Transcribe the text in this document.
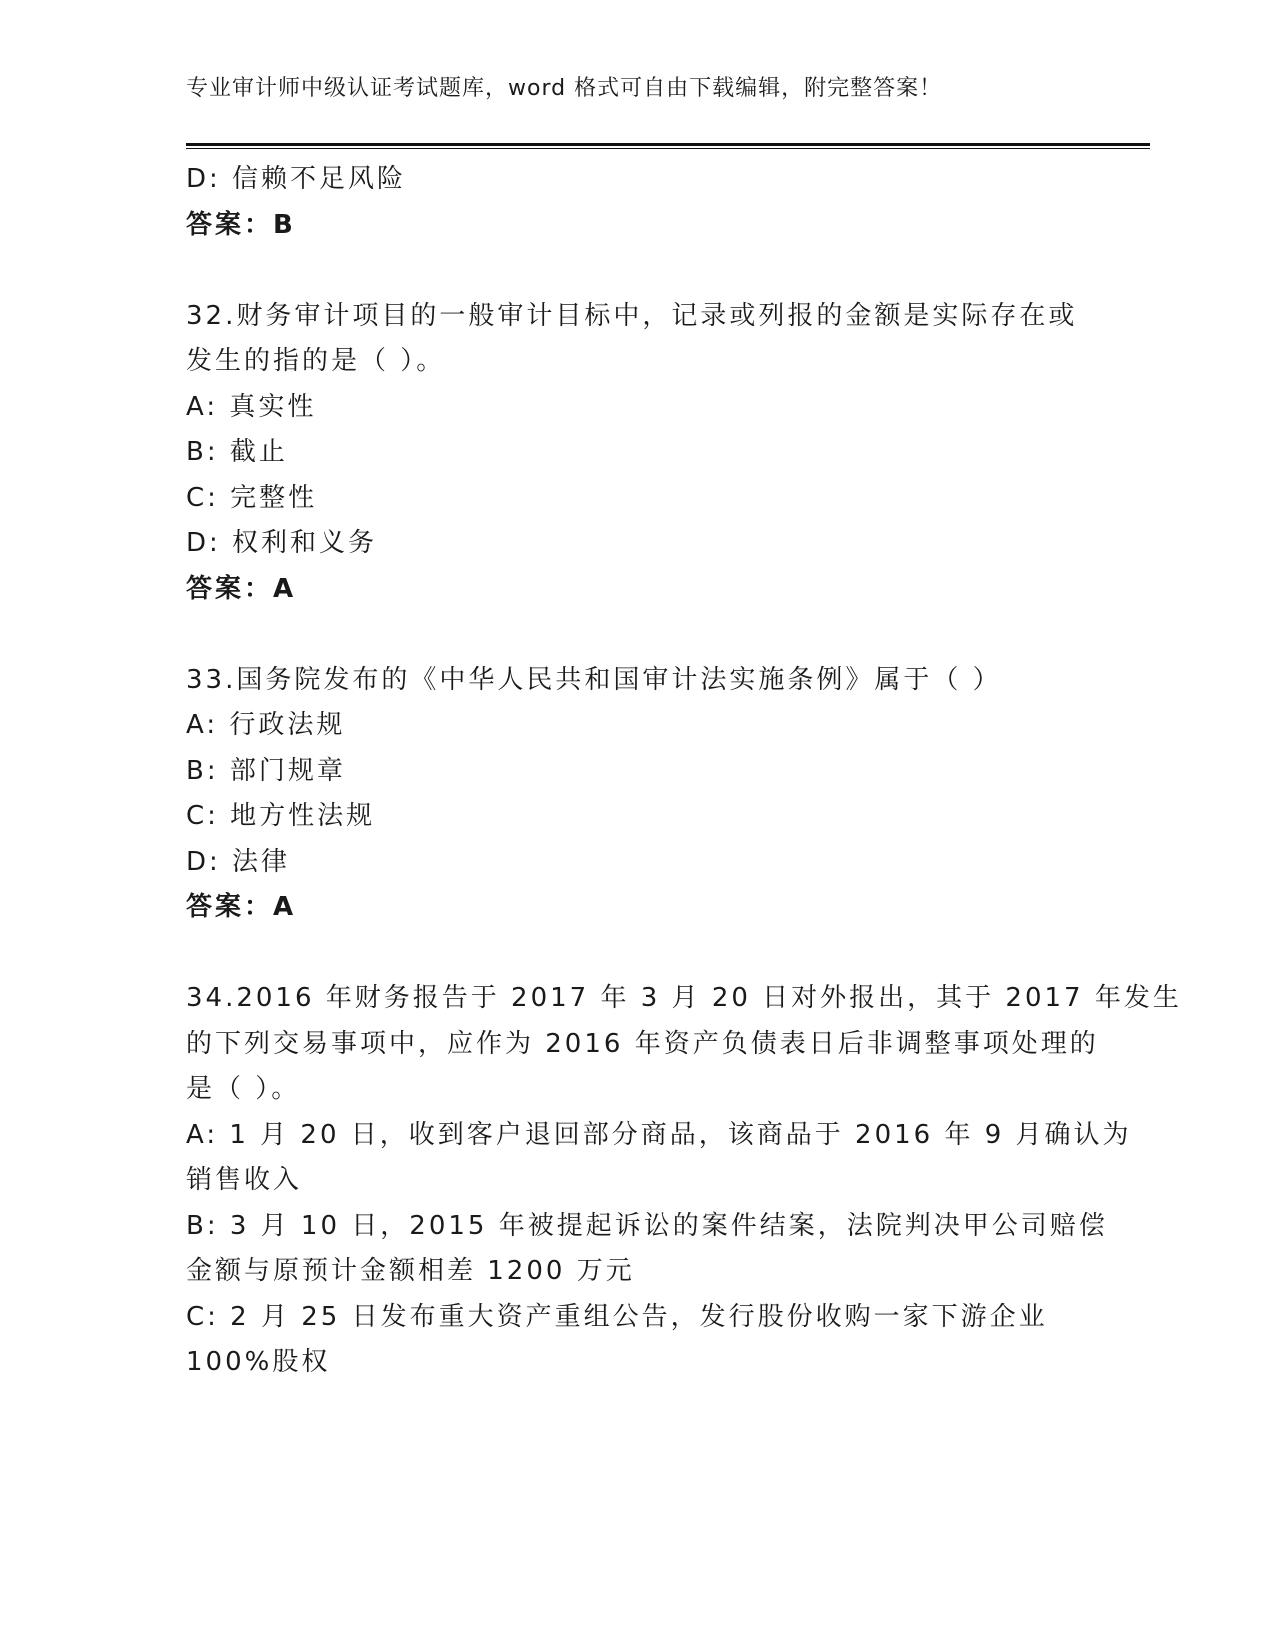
专业审计师中级认证考试题库，word 格式可自由下载编辑，附完整答案！
D: 信赖不足风险
答案：B
32.财务审计项目的一般审计目标中，记录或列报的金额是实际存在或
发生的指的是（ ）。
A: 真实性
B: 截止
C: 完整性
D: 权利和义务
答案：A
33.国务院发布的《中华人民共和国审计法实施条例》属于（ ）
A: 行政法规
B: 部门规章
C: 地方性法规
D: 法律
答案：A
34.2016 年财务报告于 2017 年 3 月 20 日对外报出，其于 2017 年发生
的下列交易事项中，应作为 2016 年资产负债表日后非调整事项处理的
是（ ）。
A: 1 月 20 日，收到客户退回部分商品，该商品于 2016 年 9 月确认为
销售收入
B: 3 月 10 日，2015 年被提起诉讼的案件结案，法院判决甲公司赔偿
金额与原预计金额相差 1200 万元
C: 2 月 25 日发布重大资产重组公告，发行股份收购一家下游企业
100%股权
